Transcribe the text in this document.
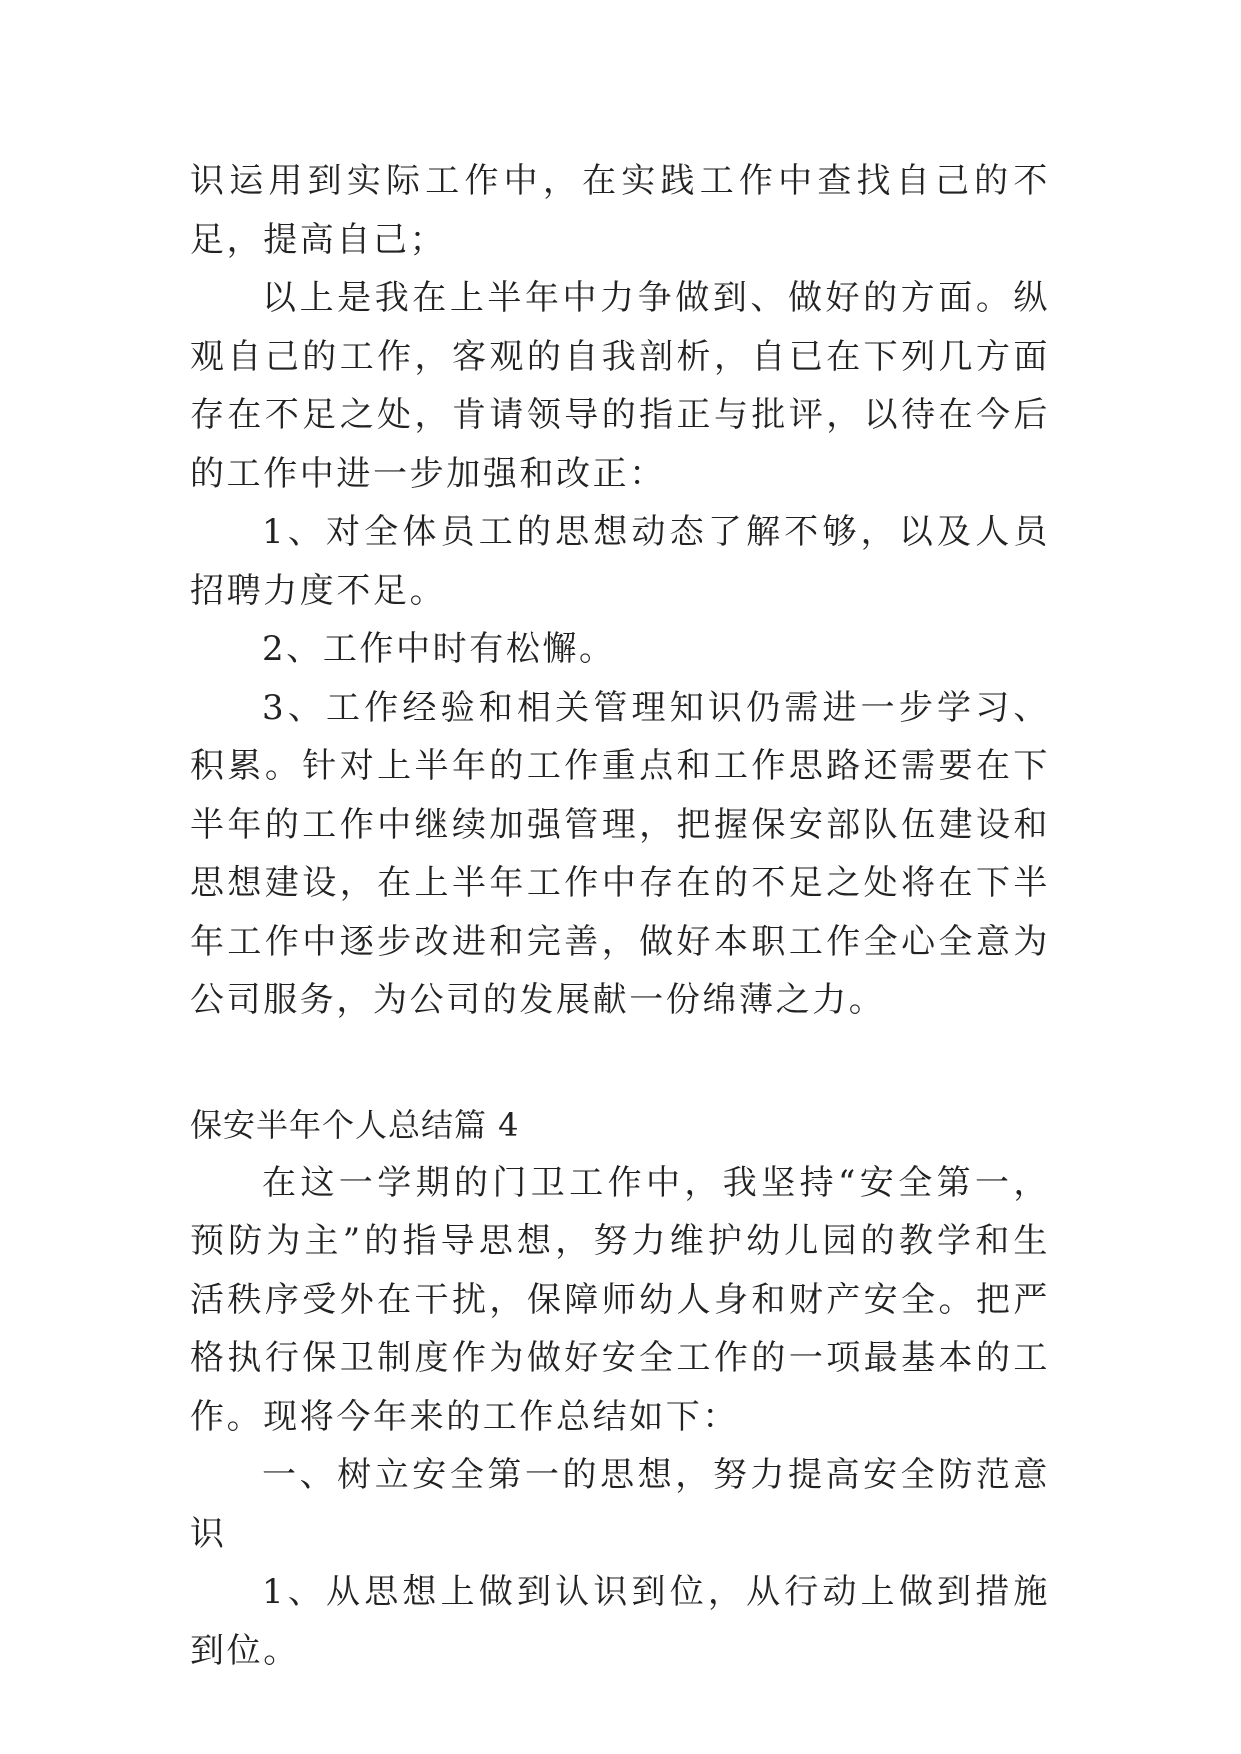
识运用到实际工作中，在实践工作中查找自己的不足，提高自己；

以上是我在上半年中力争做到、做好的方面。纵观自己的工作，客观的自我剖析，自已在下列几方面存在不足之处，肯请领导的指正与批评，以待在今后的工作中进一步加强和改正：

1、对全体员工的思想动态了解不够，以及人员招聘力度不足。

2、工作中时有松懈。

3、工作经验和相关管理知识仍需进一步学习、积累。针对上半年的工作重点和工作思路还需要在下半年的工作中继续加强管理，把握保安部队伍建设和思想建设，在上半年工作中存在的不足之处将在下半年工作中逐步改进和完善，做好本职工作全心全意为公司服务，为公司的发展献一份绵薄之力。

保安半年个人总结篇 4

在这一学期的门卫工作中，我坚持“安全第一，预防为主”的指导思想，努力维护幼儿园的教学和生活秩序受外在干扰，保障师幼人身和财产安全。把严格执行保卫制度作为做好安全工作的一项最基本的工作。现将今年来的工作总结如下：

一、树立安全第一的思想，努力提高安全防范意识

1、从思想上做到认识到位，从行动上做到措施到位。
